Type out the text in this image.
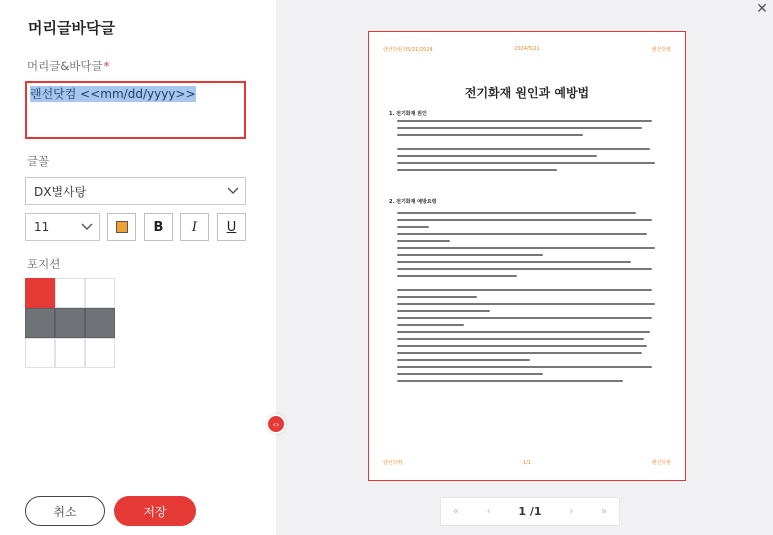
머리글바닥글
머리글&바닥글*
랜선닷컴 <<mm/dd/yyyy>>
글꼴
DX별사탕
11	B	I	U
포지션
취소	저장
✕
‹›
랜선닷컴 05/21/2024	2024/5/21	랜선닷컴
전기화재 원인과 예방법
1. 전기화재 원인
2. 전기화재 예방요령
랜선닷컴	1/1	랜선닷컴
«	‹	1 /1	›	»
